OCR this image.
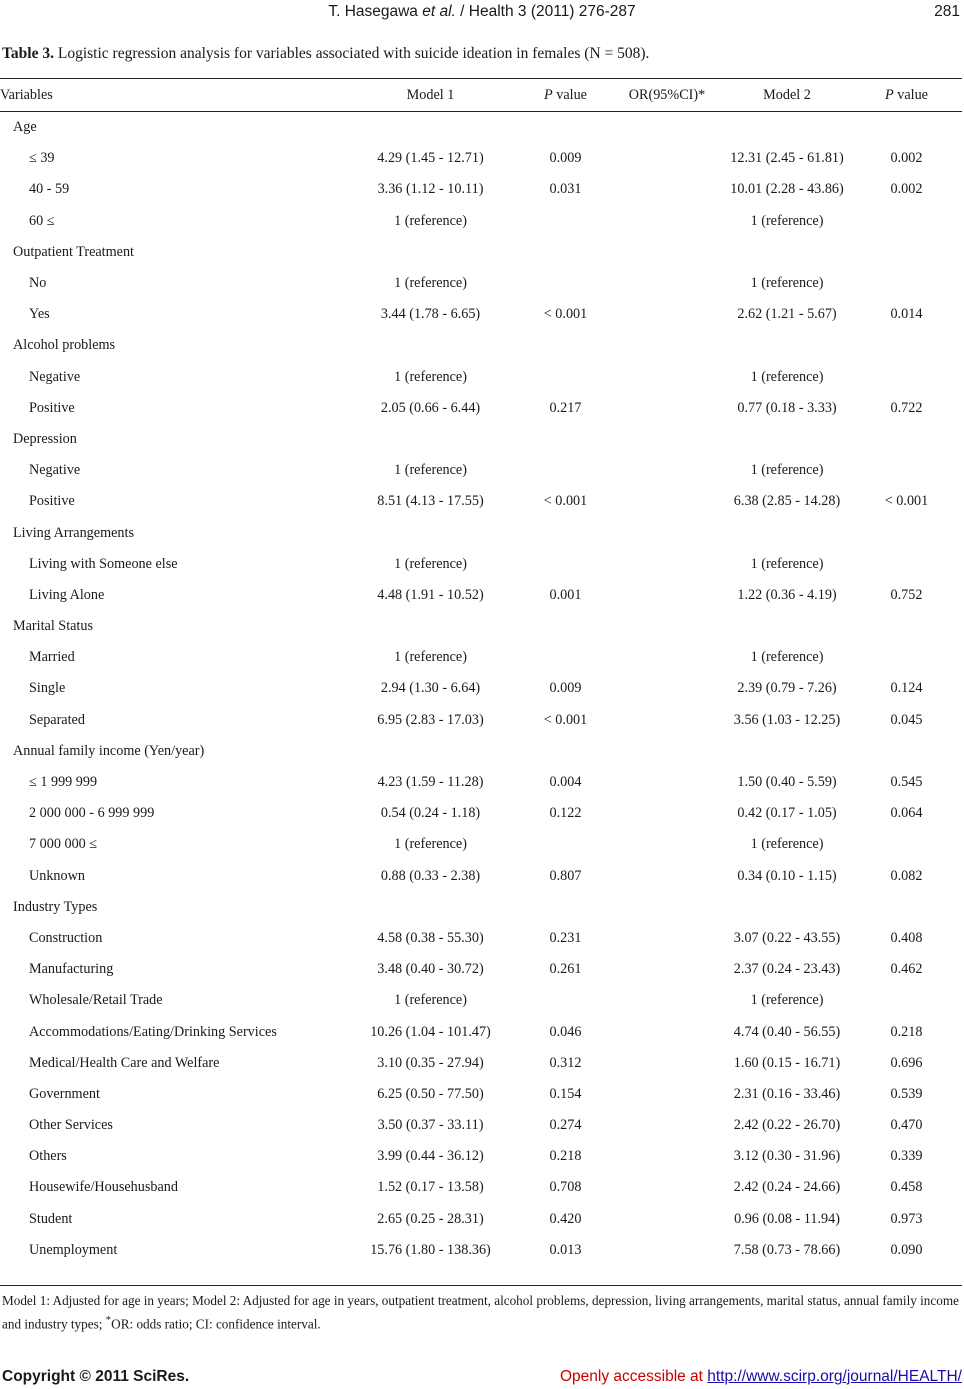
T. Hasegawa et al. / Health 3 (2011) 276-287	281
Table 3. Logistic regression analysis for variables associated with suicide ideation in females (N = 508).
Variables	Model 1	P value	OR(95%CI)*	Model 2	P value
Age					
≤ 39	4.29 (1.45 - 12.71)	0.009		12.31 (2.45 - 61.81)	0.002
40 - 59	3.36 (1.12 - 10.11)	0.031		10.01 (2.28 - 43.86)	0.002
60 ≤	1 (reference)			1 (reference)	
Outpatient Treatment					
No	1 (reference)			1 (reference)	
Yes	3.44 (1.78 - 6.65)	< 0.001		2.62 (1.21 - 5.67)	0.014
Alcohol problems					
Negative	1 (reference)			1 (reference)	
Positive	2.05 (0.66 - 6.44)	0.217		0.77 (0.18 - 3.33)	0.722
Depression					
Negative	1 (reference)			1 (reference)	
Positive	8.51 (4.13 - 17.55)	< 0.001		6.38 (2.85 - 14.28)	< 0.001
Living Arrangements					
Living with Someone else	1 (reference)			1 (reference)	
Living Alone	4.48 (1.91 - 10.52)	0.001		1.22 (0.36 - 4.19)	0.752
Marital Status					
Married	1 (reference)			1 (reference)	
Single	2.94 (1.30 - 6.64)	0.009		2.39 (0.79 - 7.26)	0.124
Separated	6.95 (2.83 - 17.03)	< 0.001		3.56 (1.03 - 12.25)	0.045
Annual family income (Yen/year)					
≤ 1 999 999	4.23 (1.59 - 11.28)	0.004		1.50 (0.40 - 5.59)	0.545
2 000 000 - 6 999 999	0.54 (0.24 - 1.18)	0.122		0.42 (0.17 - 1.05)	0.064
7 000 000 ≤	1 (reference)			1 (reference)	
Unknown	0.88 (0.33 - 2.38)	0.807		0.34 (0.10 - 1.15)	0.082
Industry Types					
Construction	4.58 (0.38 - 55.30)	0.231		3.07 (0.22 - 43.55)	0.408
Manufacturing	3.48 (0.40 - 30.72)	0.261		2.37 (0.24 - 23.43)	0.462
Wholesale/Retail Trade	1 (reference)			1 (reference)	
Accommodations/Eating/Drinking Services	10.26 (1.04 - 101.47)	0.046		4.74 (0.40 - 56.55)	0.218
Medical/Health Care and Welfare	3.10 (0.35 - 27.94)	0.312		1.60 (0.15 - 16.71)	0.696
Government	6.25 (0.50 - 77.50)	0.154		2.31 (0.16 - 33.46)	0.539
Other Services	3.50 (0.37 - 33.11)	0.274		2.42 (0.22 - 26.70)	0.470
Others	3.99 (0.44 - 36.12)	0.218		3.12 (0.30 - 31.96)	0.339
Housewife/Househusband	1.52 (0.17 - 13.58)	0.708		2.42 (0.24 - 24.66)	0.458
Student	2.65 (0.25 - 28.31)	0.420		0.96 (0.08 - 11.94)	0.973
Unemployment	15.76 (1.80 - 138.36)	0.013		7.58 (0.73 - 78.66)	0.090
Model 1: Adjusted for age in years; Model 2: Adjusted for age in years, outpatient treatment, alcohol problems, depression, living arrangements, marital status, annual family income and industry types; *OR: odds ratio; CI: confidence interval.
Copyright © 2011 SciRes.	Openly accessible at http://www.scirp.org/journal/HEALTH/
